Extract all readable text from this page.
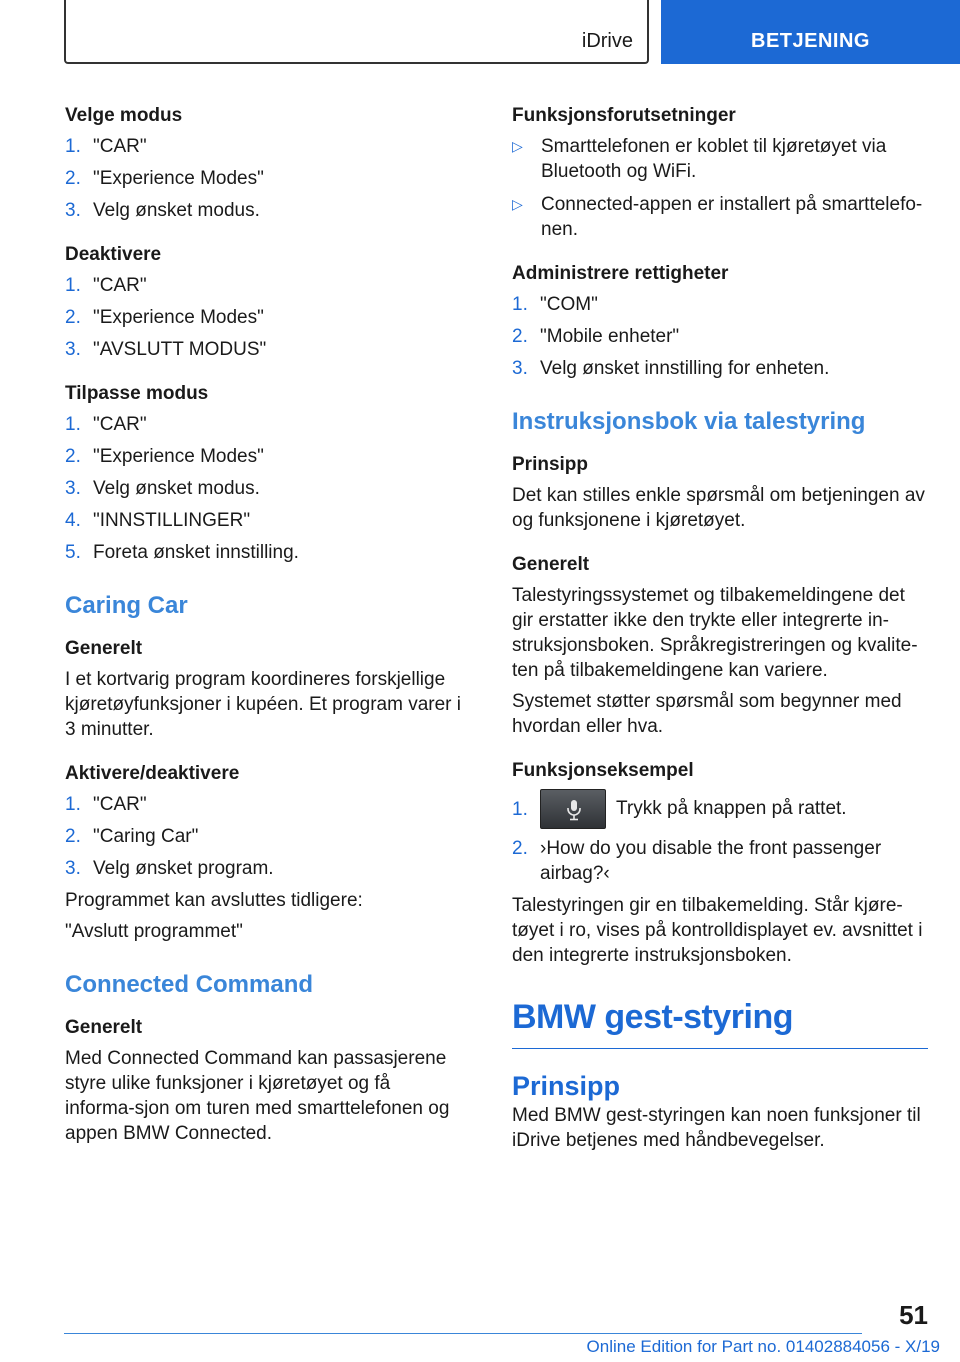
iDrive	BETJENING
Velge modus
1. "CAR"
2. "Experience Modes"
3. Velg ønsket modus.
Deaktivere
1. "CAR"
2. "Experience Modes"
3. "AVSLUTT MODUS"
Tilpasse modus
1. "CAR"
2. "Experience Modes"
3. Velg ønsket modus.
4. "INNSTILLINGER"
5. Foreta ønsket innstilling.
Caring Car
Generelt

I et kortvarig program koordineres forskjellige kjøretøyfunksjoner i kupéen. Et program varer i 3 minutter.

Aktivere/deaktivere
1. "CAR"
2. "Caring Car"
3. Velg ønsket program.

Programmet kan avsluttes tidligere:

"Avslutt programmet"

Connected Command
Generelt

Med Connected Command kan passasjerene styre ulike funksjoner i kjøretøyet og få informa-sjon om turen med smarttelefonen og appen BMW Connected.

Funksjonsforutsetninger
▷ Smarttelefonen er koblet til kjøretøyet via Bluetooth og WiFi.
▷ Connected-appen er installert på smarttelefo-nen.
Administrere rettigheter
1. "COM"
2. "Mobile enheter"
3. Velg ønsket innstilling for enheten.
Instruksjonsbok via talestyring
Prinsipp

Det kan stilles enkle spørsmål om betjeningen av og funksjonene i kjøretøyet.

Generelt

Talestyringssystemet og tilbakemeldingene det gir erstatter ikke den trykte eller integrerte in-struksjonsboken. Språkregistreringen og kvalite-ten på tilbakemeldingene kan variere.

Systemet støtter spørsmål som begynner med hvordan eller hva.

Funksjonseksempel
1.	Trykk på knappen på rattet.
2. ›How do you disable the front passenger airbag?‹

Talestyringen gir en tilbakemelding. Står kjøre-tøyet i ro, vises på kontrolldisplayet ev. avsnittet i den integrerte instruksjonsboken.

BMW gest-styring
Prinsipp

Med BMW gest-styringen kan noen funksjoner til iDrive betjenes med håndbevegelser.

51
Online Edition for Part no. 01402884056 - X/19
